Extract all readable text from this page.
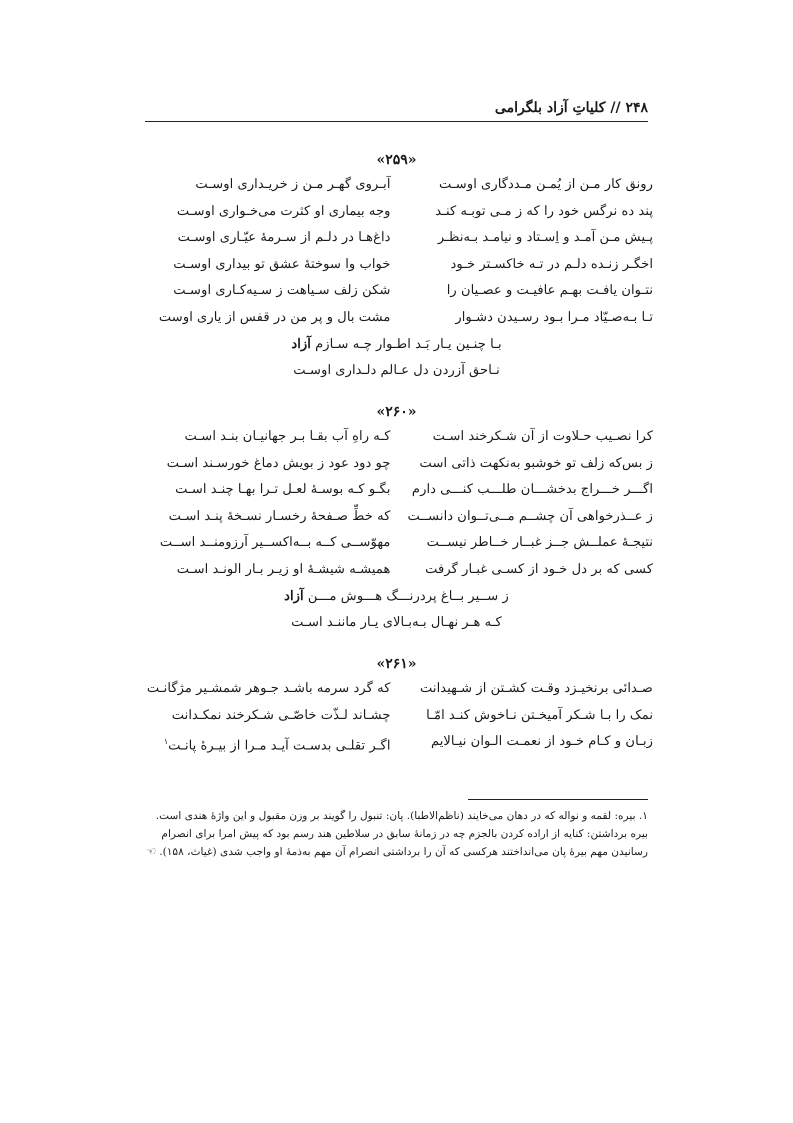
۲۴۸ // کلیاتِ آزاد بلگرامی
«۲۵۹»
رونق کار مـن از یُمـن مـددگاری اوسـت
آبـروی گهـر مـن ز خریـداری اوسـت
پند ده نرگس خود را که ز مـی توبـه کنـد
وجه بیماری او کثرت می‌خـواری اوسـت
پـیش مـن آمـد و اِسـتاد و نیامـد بـه‌نظـر
داغ‌هـا در دلـم از سـرمهٔ عیّـاری اوسـت
اخگـر زنـده دلـم در تـه خاکسـتر خـود
خواب وا سوختهٔ عشق تو بیداری اوسـت
نتـوان یافـت بهـم عافیـت و عصـیان را
شکن زلف سـیاهت ز سـیه‌کـاری اوسـت
تـا بـه‌صـیّاد مـرا بـود رسـیدن دشـوار
مشت بال و پر من در قفس از یاری اوست
بـا چنـین یـار بَـد اطـوار چـه سـازم آزاد
نـاحق آزردن دل عـالم دلـداری اوسـت
«۲۶۰»
کرا نصـیب حـلاوت از آن شـکرخند اسـت
کـه راهِ آب بقـا بـر جهانیـان بنـد اسـت
ز بس‌که زلف تو خوشبو به‌نکهت ذاتی است
چو دود عود ز بویش دماغ خورسـند اسـت
اگـــر خـــراج بدخشـــان طلـــب کنـــی دارم
بگـو کـه بوسـهٔ لعـل تـرا بهـا چنـد اسـت
ز عــذرخواهی آن چشــم مــی‌تــوان دانســت
که خطِّ صـفحهٔ رخسـار نسـخهٔ پنـد اسـت
نتیجـهٔ عملــش جــز غبــار خــاطر نیســت
مهوّســی کــه بــه‌اکســیر آرزومنــد اســت
کسی که بر دل خـود از کسـی غبـار گرفت
همیشـه شیشـهٔ او زیـر بـار الونـد اسـت
ز ســیر بــاغ پردرنـــگ هـــوش مـــن آزاد
کـه هـر نهـال بـه‌بـالای یـار ماننـد اسـت
«۲۶۱»
صـدائی برنخیـزد وقـت کشـتن از شـهیدانت
که گرد سرمه باشـد جـوهر شمشـیر مژگانـت
نمک را بـا شـکر آمیخـتن نـاخوش کنـد امّـا
چشـاند لـذّت خاصّـی شـکرخند نمکـدانت
زبـان و کـام خـود از نعمـت الـوان نیـالایم
اگـر تقلـی بدسـت آیـد مـرا از بیـرهٔ پانـت$^۱$

۱. بیره: لقمه و نواله که در دهان می‌خایند (ناظم‌الاطبا). پان: تنبول را گویند بر وزن مقبول و این واژهٔ هندی است.

بیره برداشتن: کنایه از اراده کردن بالجزم چه در زمانهٔ سابق در سلاطین هند رسم بود که پیش امرا برای انصرام

رسانیدن مهم بیرهٔ پان می‌انداختند هرکسی که آن را برداشتی انصرام آن مهم به‌ذمهٔ او واجب شدی (غیاث، ۱۵۸).☜
